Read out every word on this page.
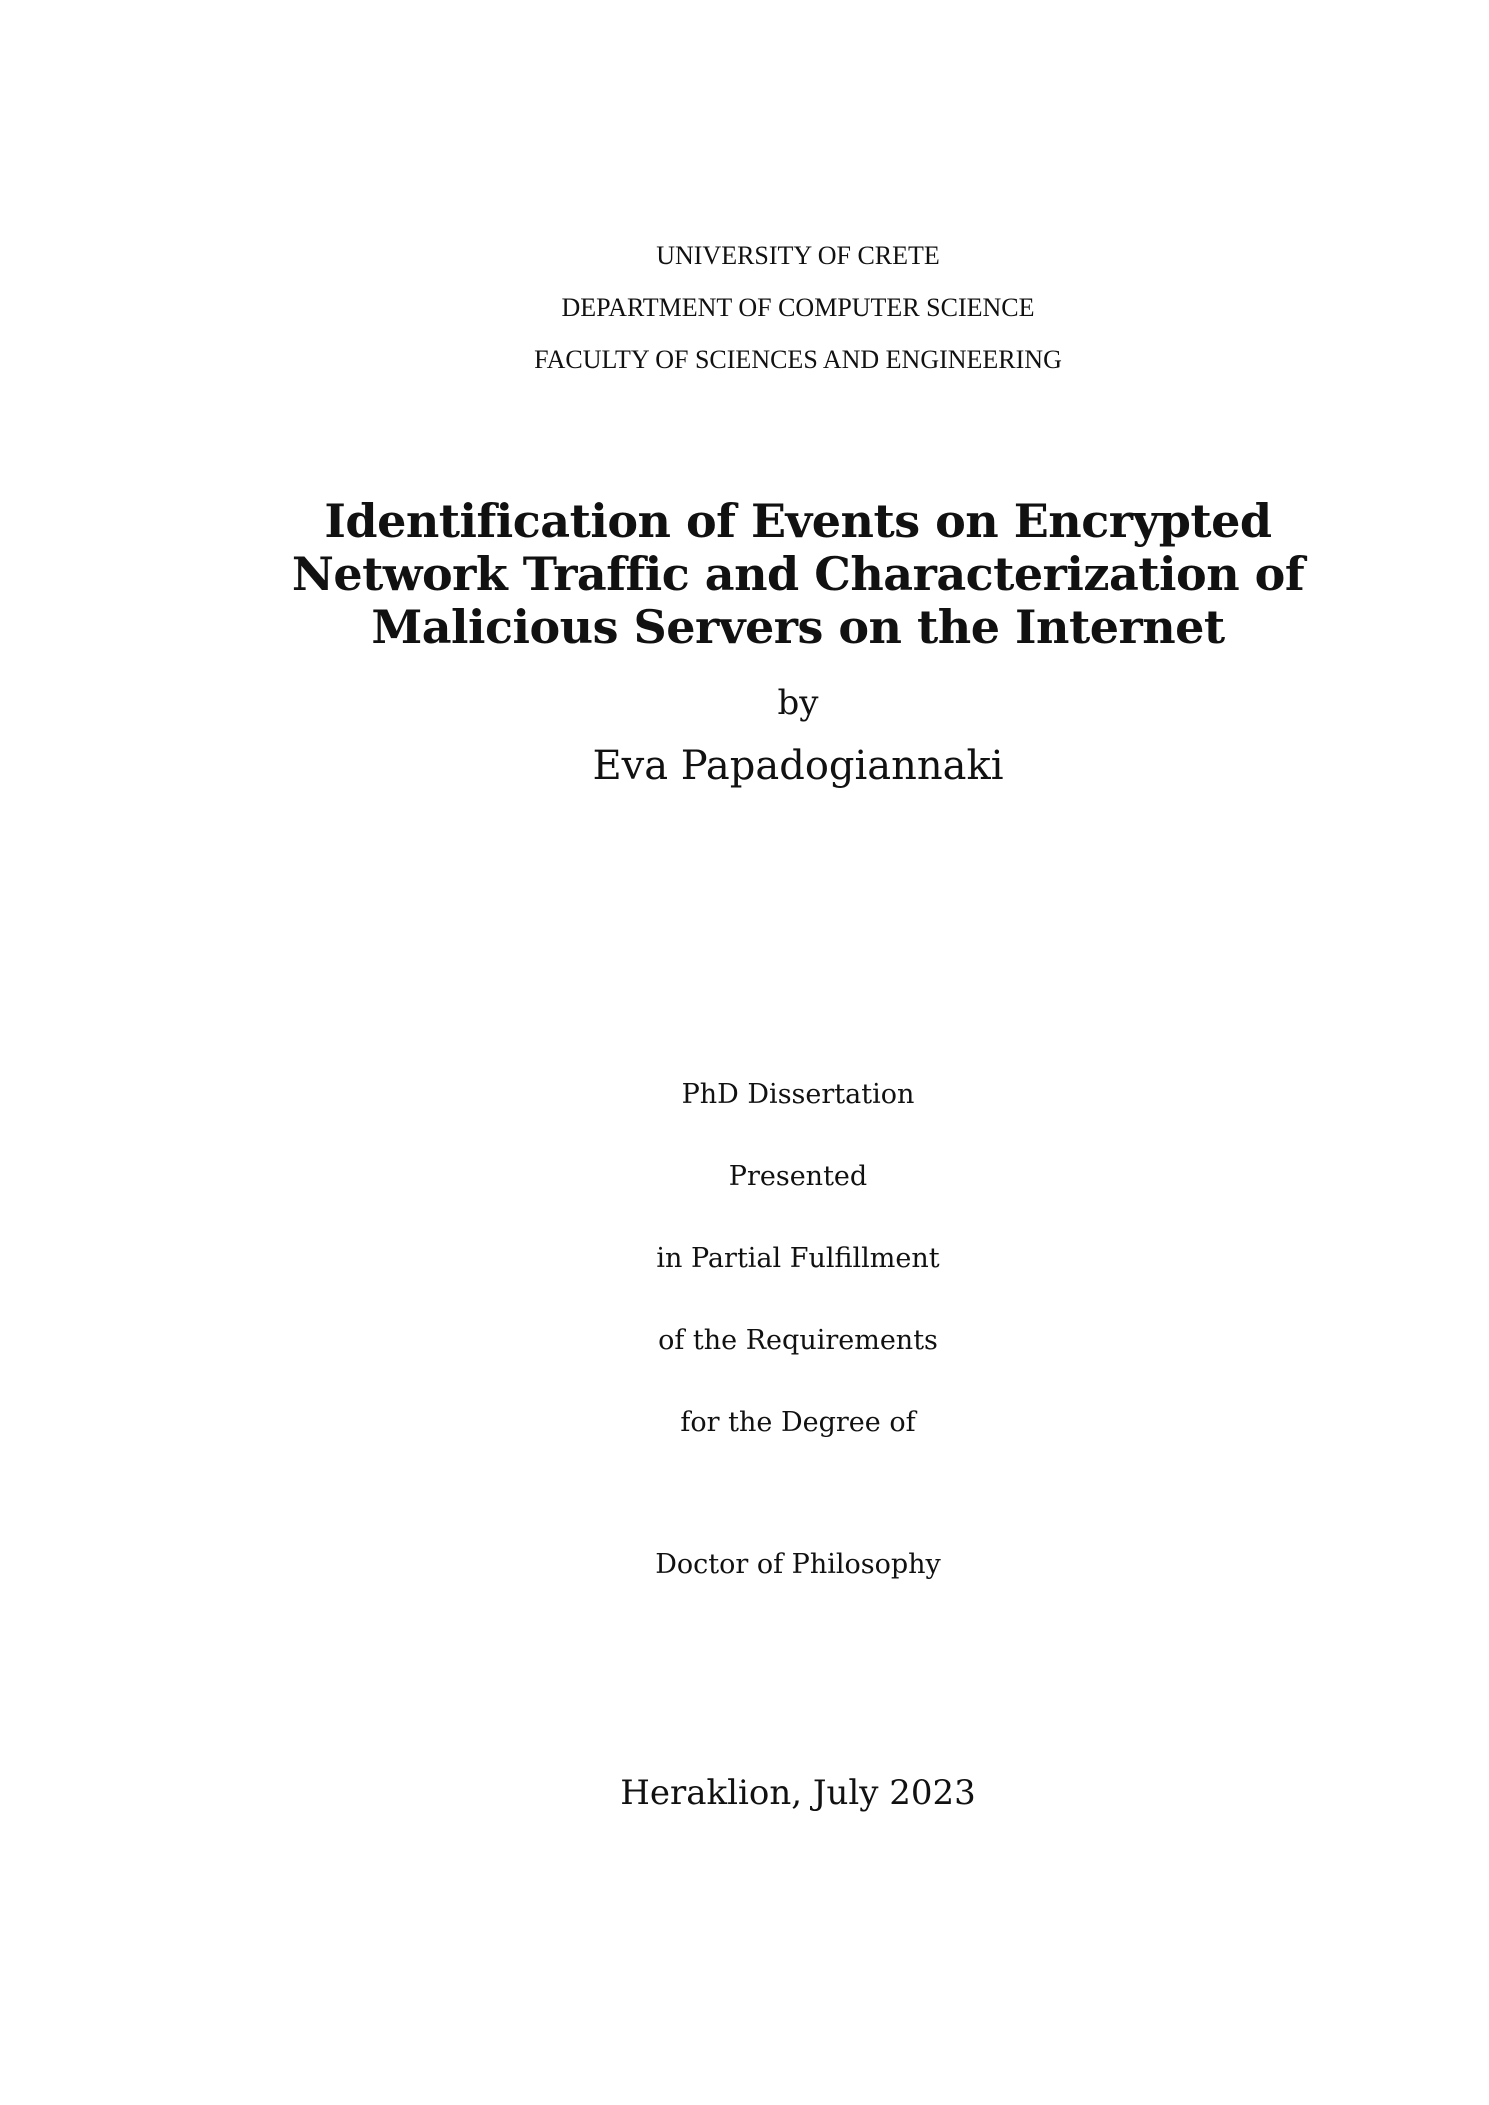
UNIVERSITY OF CRETE
DEPARTMENT OF COMPUTER SCIENCE
FACULTY OF SCIENCES AND ENGINEERING
Identification of Events on Encrypted
Network Traffic and Characterization of
Malicious Servers on the Internet
by
Eva Papadogiannaki
PhD Dissertation
Presented
in Partial Fulfillment
of the Requirements
for the Degree of
Doctor of Philosophy
Heraklion, July 2023
